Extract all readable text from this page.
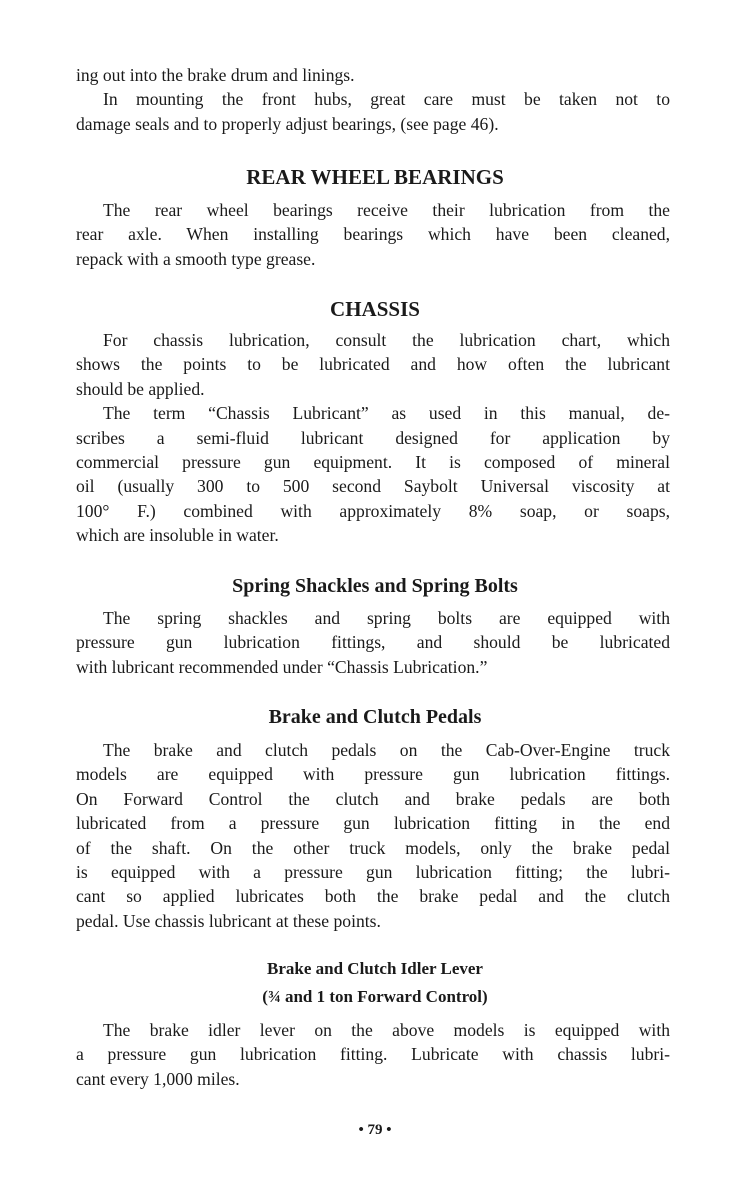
ing out into the brake drum and linings.
In mounting the front hubs, great care must be taken not to
damage seals and to properly adjust bearings, (see page 46).
REAR WHEEL BEARINGS
The rear wheel bearings receive their lubrication from the
rear axle. When installing bearings which have been cleaned,
repack with a smooth type grease.
CHASSIS
For chassis lubrication, consult the lubrication chart, which
shows the points to be lubricated and how often the lubricant
should be applied.
The term “Chassis Lubricant” as used in this manual, de-
scribes a semi-fluid lubricant designed for application by
commercial pressure gun equipment. It is composed of mineral
oil (usually 300 to 500 second Saybolt Universal viscosity at
100° F.) combined with approximately 8% soap, or soaps,
which are insoluble in water.
Spring Shackles and Spring Bolts
The spring shackles and spring bolts are equipped with
pressure gun lubrication fittings, and should be lubricated
with lubricant recommended under “Chassis Lubrication.”
Brake and Clutch Pedals
The brake and clutch pedals on the Cab-Over-Engine truck
models are equipped with pressure gun lubrication fittings.
On Forward Control the clutch and brake pedals are both
lubricated from a pressure gun lubrication fitting in the end
of the shaft. On the other truck models, only the brake pedal
is equipped with a pressure gun lubrication fitting; the lubri-
cant so applied lubricates both the brake pedal and the clutch
pedal. Use chassis lubricant at these points.
Brake and Clutch Idler Lever
(¾ and 1 ton Forward Control)
The brake idler lever on the above models is equipped with
a pressure gun lubrication fitting. Lubricate with chassis lubri-
cant every 1,000 miles.
• 79 •
